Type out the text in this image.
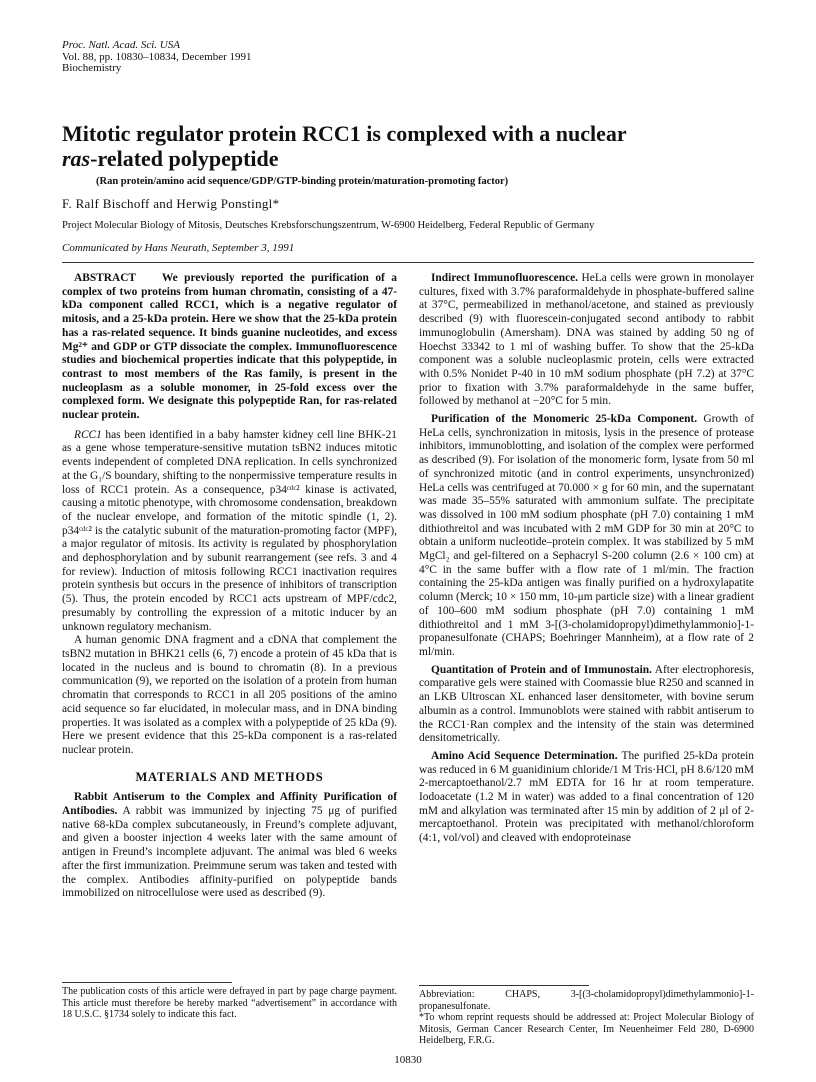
Proc. Natl. Acad. Sci. USA
Vol. 88, pp. 10830–10834, December 1991
Biochemistry
Mitotic regulator protein RCC1 is complexed with a nuclear
ras-related polypeptide
(Ran protein/amino acid sequence/GDP/GTP-binding protein/maturation-promoting factor)
F. Ralf Bischoff and Herwig Ponstingl*
Project Molecular Biology of Mitosis, Deutsches Krebsforschungszentrum, W-6900 Heidelberg, Federal Republic of Germany
Communicated by Hans Neurath, September 3, 1991

ABSTRACT We previously reported the purification of a complex of two proteins from human chromatin, consisting of a 47-kDa component called RCC1, which is a negative regulator of mitosis, and a 25-kDa protein. Here we show that the 25-kDa protein has a ras-related sequence. It binds guanine nucleotides, and excess Mg²⁺ and GDP or GTP dissociate the complex. Immunofluorescence studies and biochemical properties indicate that this polypeptide, in contrast to most members of the Ras family, is present in the nucleoplasm as a soluble monomer, in 25-fold excess over the complexed form. We designate this polypeptide Ran, for ras-related nuclear protein.

RCC1 has been identified in a baby hamster kidney cell line BHK-21 as a gene whose temperature-sensitive mutation tsBN2 induces mitotic events independent of completed DNA replication. In cells synchronized at the G₁/S boundary, shifting to the nonpermissive temperature results in loss of RCC1 protein. As a consequence, p34ᶜᵈᶜ² kinase is activated, causing a mitotic phenotype, with chromosome condensation, breakdown of the nuclear envelope, and formation of the mitotic spindle (1, 2). p34ᶜᵈᶜ² is the catalytic subunit of the maturation-promoting factor (MPF), a major regulator of mitosis. Its activity is regulated by phosphorylation and dephosphorylation and by subunit rearrangement (see refs. 3 and 4 for review). Induction of mitosis following RCC1 inactivation requires protein synthesis but occurs in the presence of inhibitors of transcription (5). Thus, the protein encoded by RCC1 acts upstream of MPF/cdc2, presumably by controlling the expression of a mitotic inducer by an unknown regulatory mechanism.

A human genomic DNA fragment and a cDNA that complement the tsBN2 mutation in BHK21 cells (6, 7) encode a protein of 45 kDa that is located in the nucleus and is bound to chromatin (8). In a previous communication (9), we reported on the isolation of a protein from human chromatin that corresponds to RCC1 in all 205 positions of the amino acid sequence so far elucidated, in molecular mass, and in DNA binding properties. It was isolated as a complex with a polypeptide of 25 kDa (9). Here we present evidence that this 25-kDa component is a ras-related nuclear protein.

MATERIALS AND METHODS

Rabbit Antiserum to the Complex and Affinity Purification of Antibodies. A rabbit was immunized by injecting 75 μg of purified native 68-kDa complex subcutaneously, in Freund’s complete adjuvant, and given a booster injection 4 weeks later with the same amount of antigen in Freund’s incomplete adjuvant. The animal was bled 6 weeks after the first immunization. Preimmune serum was taken and tested with the complex. Antibodies affinity-purified on polypeptide bands immobilized on nitrocellulose were used as described (9).

Indirect Immunofluorescence. HeLa cells were grown in monolayer cultures, fixed with 3.7% paraformaldehyde in phosphate-buffered saline at 37°C, permeabilized in methanol/acetone, and stained as previously described (9) with fluorescein-conjugated second antibody to rabbit immunoglobulin (Amersham). DNA was stained by adding 50 ng of Hoechst 33342 to 1 ml of washing buffer. To show that the 25-kDa component was a soluble nucleoplasmic protein, cells were extracted with 0.5% Nonidet P-40 in 10 mM sodium phosphate (pH 7.2) at 37°C prior to fixation with 3.7% paraformaldehyde in the same buffer, followed by methanol at −20°C for 5 min.

Purification of the Monomeric 25-kDa Component. Growth of HeLa cells, synchronization in mitosis, lysis in the presence of protease inhibitors, immunoblotting, and isolation of the complex were performed as described (9). For isolation of the monomeric form, lysate from 50 ml of synchronized mitotic (and in control experiments, unsynchronized) HeLa cells was centrifuged at 70.000 × g for 60 min, and the supernatant was made 35–55% saturated with ammonium sulfate. The precipitate was dissolved in 100 mM sodium phosphate (pH 7.0) containing 1 mM dithiothreitol and was incubated with 2 mM GDP for 30 min at 20°C to obtain a uniform nucleotide–protein complex. It was stabilized by 5 mM MgCl₂ and gel-filtered on a Sephacryl S-200 column (2.6 × 100 cm) at 4°C in the same buffer with a flow rate of 1 ml/min. The fraction containing the 25-kDa antigen was finally purified on a hydroxylapatite column (Merck; 10 × 150 mm, 10-μm particle size) with a linear gradient of 100–600 mM sodium phosphate (pH 7.0) containing 1 mM dithiothreitol and 1 mM 3-[(3-cholamidopropyl)dimethylammonio]-1-propanesulfonate (CHAPS; Boehringer Mannheim), at a flow rate of 2 ml/min.

Quantitation of Protein and of Immunostain. After electrophoresis, comparative gels were stained with Coomassie blue R250 and scanned in an LKB Ultroscan XL enhanced laser densitometer, with bovine serum albumin as a control. Immunoblots were stained with rabbit antiserum to the RCC1·Ran complex and the intensity of the stain was determined densitometrically.

Amino Acid Sequence Determination. The purified 25-kDa protein was reduced in 6 M guanidinium chloride/1 M Tris·HCl, pH 8.6/120 mM 2-mercaptoethanol/2.7 mM EDTA for 16 hr at room temperature. Iodoacetate (1.2 M in water) was added to a final concentration of 120 mM and alkylation was terminated after 15 min by addition of 2 μl of 2-mercaptoethanol. Protein was precipitated with methanol/chloroform (4:1, vol/vol) and cleaved with endoproteinase

The publication costs of this article were defrayed in part by page charge payment. This article must therefore be hereby marked “advertisement” in accordance with 18 U.S.C. §1734 solely to indicate this fact.

Abbreviation: CHAPS, 3-[(3-cholamidopropyl)dimethylammonio]-1-propanesulfonate.

*To whom reprint requests should be addressed at: Project Molecular Biology of Mitosis, German Cancer Research Center, Im Neuenheimer Feld 280, D-6900 Heidelberg, F.R.G.

10830
